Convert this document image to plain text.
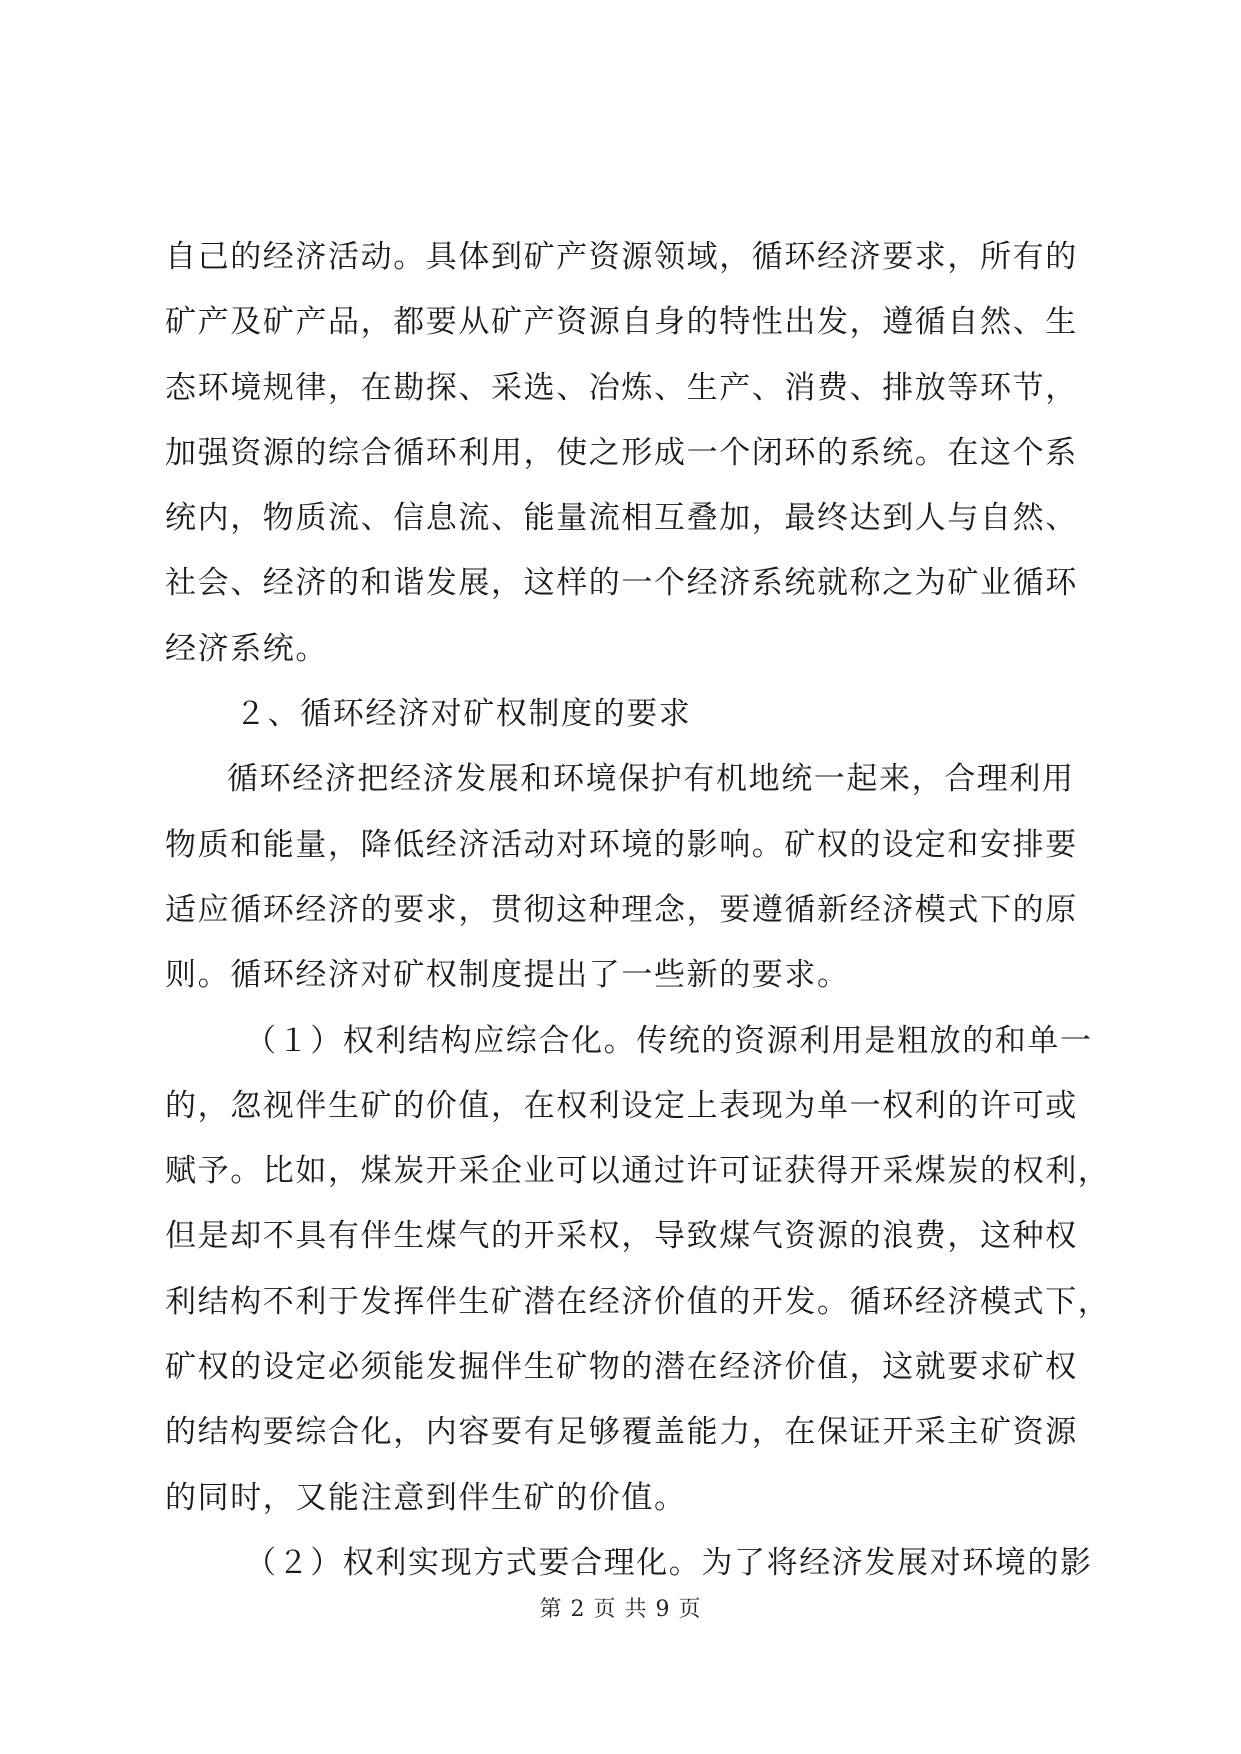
自己的经济活动。具体到矿产资源领域，循环经济要求，所有的
矿产及矿产品，都要从矿产资源自身的特性出发，遵循自然、生
态环境规律，在勘探、采选、冶炼、生产、消费、排放等环节，
加强资源的综合循环利用，使之形成一个闭环的系统。在这个系
统内，物质流、信息流、能量流相互叠加，最终达到人与自然、
社会、经济的和谐发展，这样的一个经济系统就称之为矿业循环
经济系统。
２、循环经济对矿权制度的要求
循环经济把经济发展和环境保护有机地统一起来，合理利用
物质和能量，降低经济活动对环境的影响。矿权的设定和安排要
适应循环经济的要求，贯彻这种理念，要遵循新经济模式下的原
则。循环经济对矿权制度提出了一些新的要求。
（１）权利结构应综合化。传统的资源利用是粗放的和单一
的，忽视伴生矿的价值，在权利设定上表现为单一权利的许可或
赋予。比如，煤炭开采企业可以通过许可证获得开采煤炭的权利，
但是却不具有伴生煤气的开采权，导致煤气资源的浪费，这种权
利结构不利于发挥伴生矿潜在经济价值的开发。循环经济模式下，
矿权的设定必须能发掘伴生矿物的潜在经济价值，这就要求矿权
的结构要综合化，内容要有足够覆盖能力，在保证开采主矿资源
的同时，又能注意到伴生矿的价值。
（２）权利实现方式要合理化。为了将经济发展对环境的影
第 2 页 共 9 页
